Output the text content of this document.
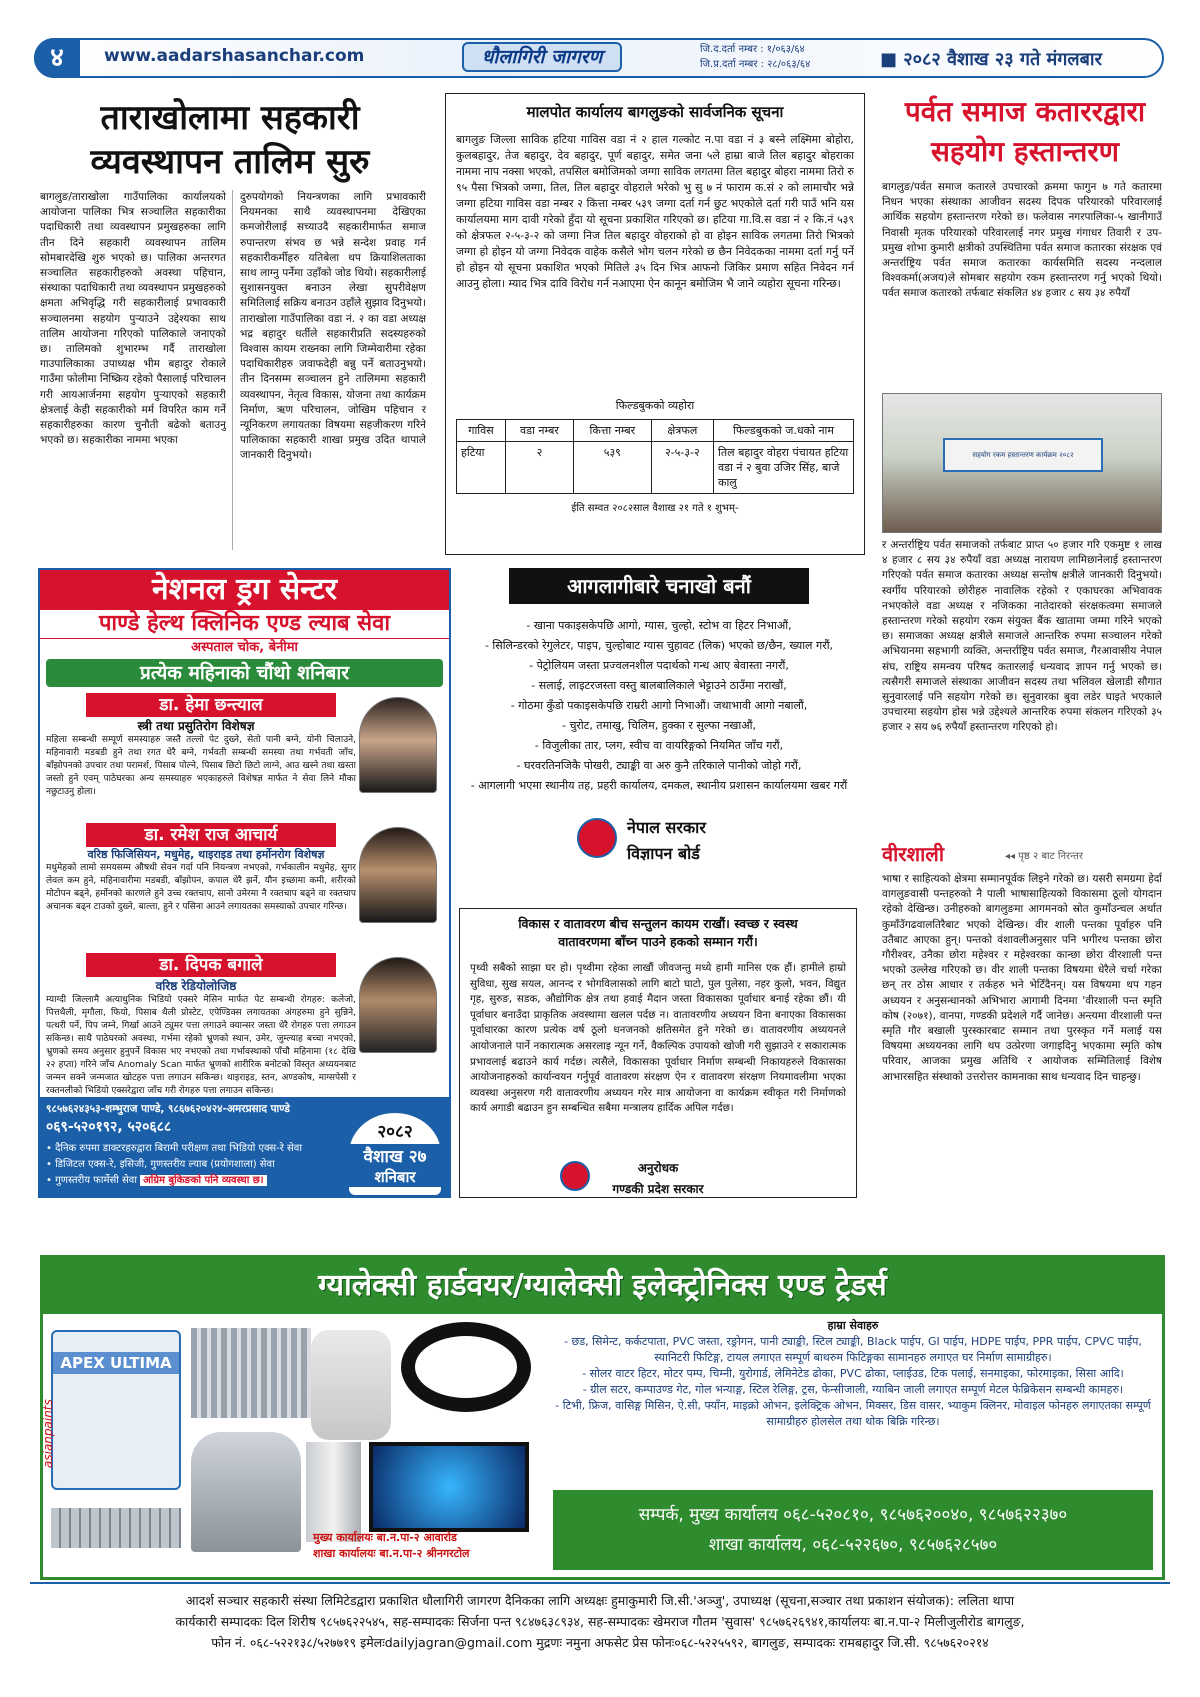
४	www.aadarshasanchar.com	धौलागिरी जागरण	जि.द.दर्ता नम्बर : १/०६३/६४
जि.प्र.दर्ता नम्बर : २८/०६३/६४	■ २०८२ वैशाख २३ गते मंगलबार
ताराखोलामा सहकारी
व्यवस्थापन तालिम सुरु
बागलुङ/ताराखोला गाउँपालिका कार्यालयको आयोजना पालिका भित्र सञ्चालित सहकारीका पदाधिकारी तथा व्यवस्थापन प्रमुखहरुका लागि तीन दिने सहकारी व्यवस्थापन तालिम सोमबारदेखि शुरु भएको छ। पालिका अन्तरगत सञ्चालित सहकारीहरुको अवस्था पहिचान, संस्थाका पदाधिकारी तथा व्यवस्थापन प्रमुखहरुको क्षमता अभिवृद्धि गरी सहकारीलाई प्रभावकारी सञ्चालनमा सहयोग पुर्‍याउने उद्देश्यका साथ तालिम आयोजना गरिएको पालिकाले जनाएको छ। तालिमको शुभारम्भ गर्दै ताराखोला गाउपालिकाका उपाध्यक्ष भीम बहादुर रोकाले गाउँमा फोलीमा निष्क्रिय रहेको पैसालाई परिचालन गरी आयआर्जनमा सहयोग पुर्‍याएको सहकारी क्षेत्रलाई केही सहकारीको मर्म विपरित काम गर्ने सहकारीहरुका कारण चुनौती बढेको बताउनु भएको छ। सहकारीका नाममा भएका
दुरुपयोगको नियन्त्रणका लागि प्रभावकारी नियमनका साथै व्यवस्थापनमा देखिएका कमजोरीलाई सच्याउदै सहकारीमार्फत समाज रुपान्तरण संभव छ भन्ने सन्देश प्रवाह गर्न सहकारीकर्मीहरु यतिबेला थप क्रियाशिलताका साथ लाग्नु पर्नेमा उहाँको जोड थियो। सहकारीलाई सुशासनयुक्त बनाउन लेखा सुपरीवेक्षण समितिलाई सक्रिय बनाउन उहाँले सुझाव दिनुभयो। ताराखोला गाउँपालिका वडा नं. २ का वडा अध्यक्ष भद्र बहादुर धर्तीले सहकारीप्रति सदस्यहरुको विश्वास कायम राख्नका लागि जिम्मेवारीमा रहेका पदाधिकारीहरु जवाफदेही बन्नु पर्ने बताउनुभयो। तीन दिनसम्म सञ्चालन हुने तालिममा सहकारी व्यवस्थापन, नेतृत्व विकास, योजना तथा कार्यक्रम निर्माण, ऋण परिचालन, जोखिम पहिचान र न्यूनिकरण लगायतका विषयमा सहजीकरण गरिने पालिकाका सहकारी शाखा प्रमुख उदित थापाले जानकारी दिनुभयो।
मालपोत कार्यालय बागलुङको सार्वजनिक सूचना
बागलुङ जिल्ला साविक हटिया गाविस वडा नं २ हाल गल्कोट न.पा वडा नं ३ बस्ने लक्ष्मिमा बोहोरा, कुलबहादुर, तेज बहादुर, देव बहादुर, पूर्ण बहादुर, समेत जना ५ले हाम्रा बाजे तिल बहादुर बोहराका नाममा नाप नक्सा भएको, तपसिल बमोजिमको जग्गा साविक लगतमा तिल बहादुर बोहरा नाममा तिरो रु ९५ पैसा भित्रको जग्गा, तिल, तिल बहादुर वोहराले भरेको भु सु ७ नं फाराम क.सं २ को लामाचौर भन्ने जग्गा हटिया गाविस वडा नम्बर २ कित्ता नम्बर ५३९ जग्गा दर्ता गर्न छुट भएकोले दर्ता गरी पाउँ भनि यस कार्यालयमा माग दावी गरेको हुँदा यो सूचना प्रकाशित गरिएको छ। हटिया गा.वि.स वडा नं २ कि.नं ५३९ को क्षेत्रफल २-५-३-२ को जग्गा निज तिल बहादुर वोहराको हो वा होइन साविक लगतमा तिरो भित्रको जग्गा हो होइन यो जग्गा निवेदक वाहेक कसैले भोग चलन गरेको छ छैन निवेदकका नाममा दर्ता गर्नु पर्ने हो होइन यो सूचना प्रकाशित भएको मितिले ३५ दिन भित्र आफनो जिकिर प्रमाण सहित निवेदन गर्न आउनु होला। म्याद भित्र दावि विरोध गर्न नआएमा ऐन कानून बमोजिम भै जाने व्यहोरा सूचना गरिन्छ।
फिल्डबुकको व्यहोरा
गाविस	वडा नम्बर	कित्ता नम्बर	क्षेत्रफल	फिल्डबुकको ज.धको नाम
हटिया	२	५३९	२-५-३-२	तिल बहादुर वोहरा पंचायत हटिया वडा नं २ बुवा उजिर सिंह, बाजे कालु
ईति सम्वत २०८२साल वैशाख २१ गते १ शुभम्-
पर्वत समाज कताररद्वारा
सहयोग हस्तान्तरण
बागलुङ/पर्वत समाज कतारले उपचारको क्रममा फागुन ७ गते कतारमा निधन भएका संस्थाका आजीवन सदस्य दिपक परियारको परिवारलाई आर्थिक सहयोग हस्तान्तरण गरेको छ। फलेवास नगरपालिका-५ खानीगाउँ निवासी मृतक परियारको परिवारलाई नगर प्रमुख गंगाधर तिवारी र उप-प्रमुख शोभा कुमारी क्षत्रीको उपस्थितिमा पर्वत समाज कतारका संरक्षक एवं अन्तर्राष्ट्रिय पर्वत समाज कतारका कार्यसमिति सदस्य नन्दलाल विश्वकर्मा(अजय)ले सोमबार सहयोग रकम हस्तान्तरण गर्नु भएको थियो। पर्वत समाज कतारको तर्फबाट संकलित ४४ हजार ८ सय ३४ रुपैयाँ
सहयोग रकम हस्तान्तरण कार्यक्रम २०८२
र अन्तर्राष्ट्रिय पर्वत समाजको तर्फबाट प्राप्त ५० हजार गरि एकमुष्ट १ लाख ४ हजार ८ सय ३४ रुपैयाँ वडा अध्यक्ष नारायण लामिछानेलाई हस्तान्तरण गरिएको पर्वत समाज कतारका अध्यक्ष सन्तोष क्षत्रीले जानकारी दिनुभयो। स्वर्गीय परियारको छोरीहरु नावालिक रहेको र एकाघरका अभिवावक नभएकोले वडा अध्यक्ष र नजिकका नातेदारको संरक्षकत्वमा समाजले हस्तान्तरण गरेको सहयोग रकम संयुक्त बैंक खातामा जम्मा गरिने भएको छ। समाजका अध्यक्ष क्षत्रीले समाजले आन्तरिक रुपमा सञ्चालन गरेको अभियानमा सहभागी व्यक्ति, अन्तर्राष्ट्रिय पर्वत समाज, गैरआवासीय नेपाल संघ, राष्ट्रिय समन्वय परिषद कतारलाई धन्यवाद ज्ञापन गर्नु भएको छ। त्यसैगरी समाजले संस्थाका आजीवन सदस्य तथा भलिवल खेलाडी सौगात सुनुवारलाई पनि सहयोग गरेको छ। सुनुवारका बुवा लडेर घाइते भएकाले उपचारमा सहयोग होस भन्ने उद्देश्यले आन्तरिक रुपमा संकलन गरिएको ३५ हजार २ सय ७६ रुपैयाँ हस्तान्तरण गरिएको हो।
वीरशाली	◂◂ पृष्ठ २ बाट निरन्तर
भाषा र साहित्यको क्षेत्रमा सम्मानपूर्वक लिइने गरेको छ। यसरी समग्रमा हेर्दा वागलुङवासी पन्तहरुको नै पाली भाषासाहित्यको विकासमा ठूलो योगदान रहेको देखिन्छ। उनीहरुको बागलुङमा आगमनको स्रोत कुमाँउन्चल अर्थात कुमाँउँगढवालतिरैबाट भएको देखिन्छ। वीर शाली पन्तका पूर्वाहरु पनि उतैबाट आएका हुन्। पन्तको वंशावलीअनुसार पनि भगीरथ पन्तका छोरा गौरीश्वर, उनैका छोरा महेश्वर र महेश्वरका कान्छा छोरा वीरशाली पन्त भएको उल्लेख गरिएको छ। वीर शाली पन्तका विषयमा धेरैले चर्चा गरेका छन् तर ठोस आधार र तर्कहरु भने भेटिँदैनन्। यस विषयमा थप गहन अध्ययन र अनुसन्धानको अभिभारा आगामी दिनमा 'वीरशाली पन्त स्मृति कोष (२०७१), वानपा, गण्डकी प्रदेशले गर्दै जानेछ। अन्त्यमा वीरशाली पन्त स्मृति गौर बखाली पुरस्कारबाट सम्मान तथा पुरस्कृत गर्ने मलाई यस विषयमा अध्ययनका लागि थप उत्प्रेरणा जगाइदिनु भएकामा स्मृति कोष परिवार, आजका प्रमुख अतिथि र आयोजक सम्मितिलाई विशेष आभारसहित संस्थाको उत्तरोत्तर कामनाका साथ धन्यवाद दिन चाहन्छु।
नेशनल ड्रग सेन्टर
पाण्डे हेल्थ क्लिनिक एण्ड ल्याब सेवा
अस्पताल चोक, बेनीमा
प्रत्येक महिनाको चौंथो शनिबार
डा. हेमा छन्त्याल
स्त्री तथा प्रसुतिरोग विशेषज्ञ
महिला सम्बन्धी सम्पूर्ण समस्याहरु जस्तै तल्लो पेट दुख्ने, सेतो पानी बग्ने, योनी चिलाउने, महिनावारी मडबडी हुने तथा रगत धेरै बग्ने, गर्भवती सम्बन्धी समस्या तथा गर्भवती जाँच, बाँझोपनको उपचार तथा परामर्श, पिसाब पोल्ने, पिसाब छिटो छिटो लाग्ने, आउ खस्ने तथा खस्ता जस्तो हुने एवम् पाठेघरका अन्य समस्याहरु भएकाहरुले विशेषज्ञ मार्फत ने सेवा लिने मौका नछुटाउनु होला।
डा. रमेश राज आचार्य
वरिष्ठ फिजिसियन, मधुमेह, थाइराइड तथा हर्मोनरोग विशेषज्ञ
मधुमेहको लामो समयसम्म औषधी सेवन गर्दा पनि नियन्त्रण नभएको, गर्भकालीन मधुमेह, सुगर लेवल कम हुने, महिनावारीमा मडबडी, बाँझोपन, कपाल धेरै झर्ने, यौन इच्छामा कमी, शरीरको मोटोपन बढ्ने, हर्मोनको कारणले हुने उच्च रक्तचाप, सानो उमेरमा नै रक्तचाप बढ्ने वा रक्तचाप अचानक बढ्न टाउको दुख्ने, बाल्ता, हुने र पसिना आउने लगायतका समस्याको उपचार गरिन्छ।
डा. दिपक बगाले
वरिष्ठ रेडियोलोजिष्ठ
म्याग्दी जिल्लामै अत्याधुनिक भिडियो एक्सरे मेसिन मार्फत पेट सम्बन्धी रोगहरु: कलेजो, पित्तथैली, मृगौला, फियो, पिसाब थैली प्रोस्टेट, एपेण्डिक्स लगायतका अंगहरुमा हुने सुन्निने, पत्थरी पर्ने, पिप जम्ने, गिर्खा आउने ट्युमर पत्ता लगाउने क्यान्सर जस्ता धेरै रोगहरु पत्ता लगाउन सकिन्छ। साथै पाठेघरको अवस्था, गर्भमा रहेको भ्रुणको स्थान, उमेर, जुम्ल्याह बच्चा नभएको, भ्रुणको समय अनुसार हुनुपर्ने विकास भए नभएको तथा गर्भावस्थाको पाँचौ महिनामा (१८ देखि २२ हप्ता) गरिने जाँच Anomaly Scan मार्फत भ्रुणको शारीरिक बनोटको विस्तृत अध्ययनबाट जन्मन सक्ने जन्मजात खोटहरु पत्ता लगाउन सकिन्छ। थाइराइड, स्तन, अण्डकोष, माग्सपेसी र रक्तनलीको भिडियो एक्सरेद्वारा जाँच गरी रोगहरु पत्ता लगाउन सकिन्छ।
९८५७६२४३५३-शम्भुराज पाण्डे, ९८६७६२०४२४-अमरप्रसाद पाण्डे
०६९-५२०१९२, ५२०६८८
• दैनिक रुपमा डाक्टरहरुद्वारा बिरामी परीक्षण तथा भिडियो एक्स-रे सेवा
• डिजिटल एक्स-रे, इसिजी, गुणस्तरीय ल्याब (प्रयोगशाला) सेवा
• गुणस्तरीय फार्मेसी सेवा अग्रिम बुकिङको पनि व्यवस्था छ।
२०८२
वैशाख २७
शनिबार
आगलागीबारे चनाखो बनौं
- खाना पकाइसकेपछि आगो, ग्यास, चुल्हो, स्टोभ वा हिटर निभाऔं,
- सिलिन्डरको रेगुलेटर, पाइप, चुल्होबाट ग्यास चुहावट (लिक) भएको छ/छैन, ख्याल गरौं,
- पेट्रोलियम जस्ता प्रज्वलनशील पदार्थको गन्ध आए बेवास्ता नगरौं,
- सलाई, लाइटरजस्ता वस्तु बालबालिकाले भेट्टाउने ठाउँमा नराखौं,
- गोठमा कुँडो पकाइसकेपछि राम्ररी आगो निभाऔं। जथाभावी आगो नबालौं,
- चुरोट, तमाखु, चिलिम, हुक्का र सुल्फा नखाऔं,
- विजुलीका तार, प्लग, स्वीच वा वायरिङ्गको नियमित जाँच गरौं,
- घरवरतिनजिकै पोखरी, ट्याङ्की वा अरु कुनै तरिकाले पानीको जोहो गरौं,
- आगलागी भएमा स्थानीय तह, प्रहरी कार्यालय, दमकल, स्थानीय प्रशासन कार्यालयमा खबर गरौं
नेपाल सरकार
विज्ञापन बोर्ड
विकास र वातावरण बीच सन्तुलन कायम राखौं। स्वच्छ र स्वस्थ
वातावरणमा बाँच्न पाउने हकको सम्मान गरौं।
पृथ्वी सबैको साझा घर हो। पृथ्वीमा रहेका लाखौं जीवजन्तु मध्ये हामी मानिस एक हौं। हामीले हाम्रो सुविधा, सुख सयल, आनन्द र भोगविलासको लागि बाटो घाटो, पुल पुलेसा, नहर कुलो, भवन, विद्युत गृह, सुरुङ, सडक, औद्योगिक क्षेत्र तथा हवाई मैदान जस्ता विकासका पूर्वाधार बनाई रहेका छौं। यी पूर्वाधार बनाउँदा प्राकृतिक अवस्थामा खलल पर्दछ न। वातावरणीय अध्ययन विना बनाएका विकासका पूर्वाधारका कारण प्रत्येक वर्ष ठूलो धनजनको क्षतिसमेत हुने गरेको छ। वातावरणीय अध्ययनले आयोजनाले पार्ने नकारात्मक असरलाइ न्यून गर्ने, वैकल्पिक उपायको खोजी गरी सुझाउने र सकारात्मक प्रभावलाई बढाउने कार्य गर्दछ। त्यसैले, विकासका पूर्वाधार निर्माण सम्बन्धी निकायहरुले विकासका आयोजनाहरुको कार्यान्वयन गर्नुपूर्व वातावरण संरक्षण ऐन र वातावरण संरक्षण नियमावलीमा भएका व्यवस्था अनुसरण गरी वातावरणीय अध्ययन गरेर मात्र आयोजना वा कार्यक्रम स्वीकृत गरी निर्माणको कार्य अगाडी बढाउन हुन सम्बन्धित सबैमा मन्त्रालय हार्दिक अपिल गर्दछ।
अनुरोधक
गण्डकी प्रदेश सरकार
ग्यालेक्सी हार्डवयर/ग्यालेक्सी इलेक्ट्रोनिक्स एण्ड ट्रेडर्स
APEX ULTIMA
asianpaints
मुख्य कार्यालयः बा.न.पा-२ आवारोड
शाखा कार्यालयः बा.न.पा-२ श्रीनगरटोल
हाम्रा सेवाहरु
- छड, सिमेन्ट, कर्कटपाता, PVC जस्ता, रङ्रोगन, पानी ट्याङ्की, स्टिल ट्याङ्की, Black पाईप, GI पाईप, HDPE पाईप, PPR पाईप, CPVC पाईप, स्यानिटरी फिटिङ्ग, टायल लगाएत सम्पूर्ण बाथरुम फिटिङ्गका सामानहरु लगाएत घर निर्माण सामाग्रीहरु।
- सोलर वाटर हिटर, मोटर पम्प, चिम्नी, युरोगार्ड, लेमिनेटेड ढोका, PVC ढोका, प्लाईउड, टिक पलाई, सनमाइका, फोरमाइका, सिसा आदि।
- ग्रील सटर, कम्पाउण्ड गेट, गोल भन्याङ्ग, स्टिल रेलिङ्ग, ट्रस, फेन्सीजाली, ग्याबिन जाली लगाएत सम्पूर्ण मेटल फेब्रिकेसन सम्बन्धी कामहरु।
- टिभी, फ्रिज, वासिङ्ग मिसिन, ऐ.सी, फ्याँन, माइक्रो ओभन, इलेक्ट्रिक ओभन, मिक्सर, डिस वासर, भ्याकुम क्लिनर, मोवाइल फोनहरु लगाएतका सम्पूर्ण सामाग्रीहरु होलसेल तथा थोक बिक्रि गरिन्छ।
सम्पर्क, मुख्य कार्यालय ०६८-५२०८१०, ९८५७६२००४०, ९८५७६२२३७०
शाखा कार्यालय, ०६८-५२२६७०, ९८५७६२८५७०
आदर्श सञ्चार सहकारी संस्था लिमिटेडद्वारा प्रकाशित धौलागिरी जागरण दैनिकका लागि अध्यक्षः हुमाकुमारी जि.सी.'अञ्जु', उपाध्यक्ष (सूचना,सञ्चार तथा प्रकाशन संयोजक): ललिता थापा
कार्यकारी सम्पादकः दिल शिरीष ९८५७६२२५४५, सह-सम्पादकः सिर्जना पन्त ९८४७६३८९३४, सह-सम्पादकः खेमराज गौतम 'सुवास' ९८५७६२६९४१,कार्यालयः बा.न.पा-२ मिलीजुलीरोड बागलुङ,
फोन नं. ०६८-५२२१३८/५२७७१९ इमेलःdailyjagran@gmail.com मुद्रणः नमुना अफसेट प्रेस फोनः०६८-५२२५५९२, बागलुङ, सम्पादकः रामबहादुर जि.सी. ९८५७६२०२१४
